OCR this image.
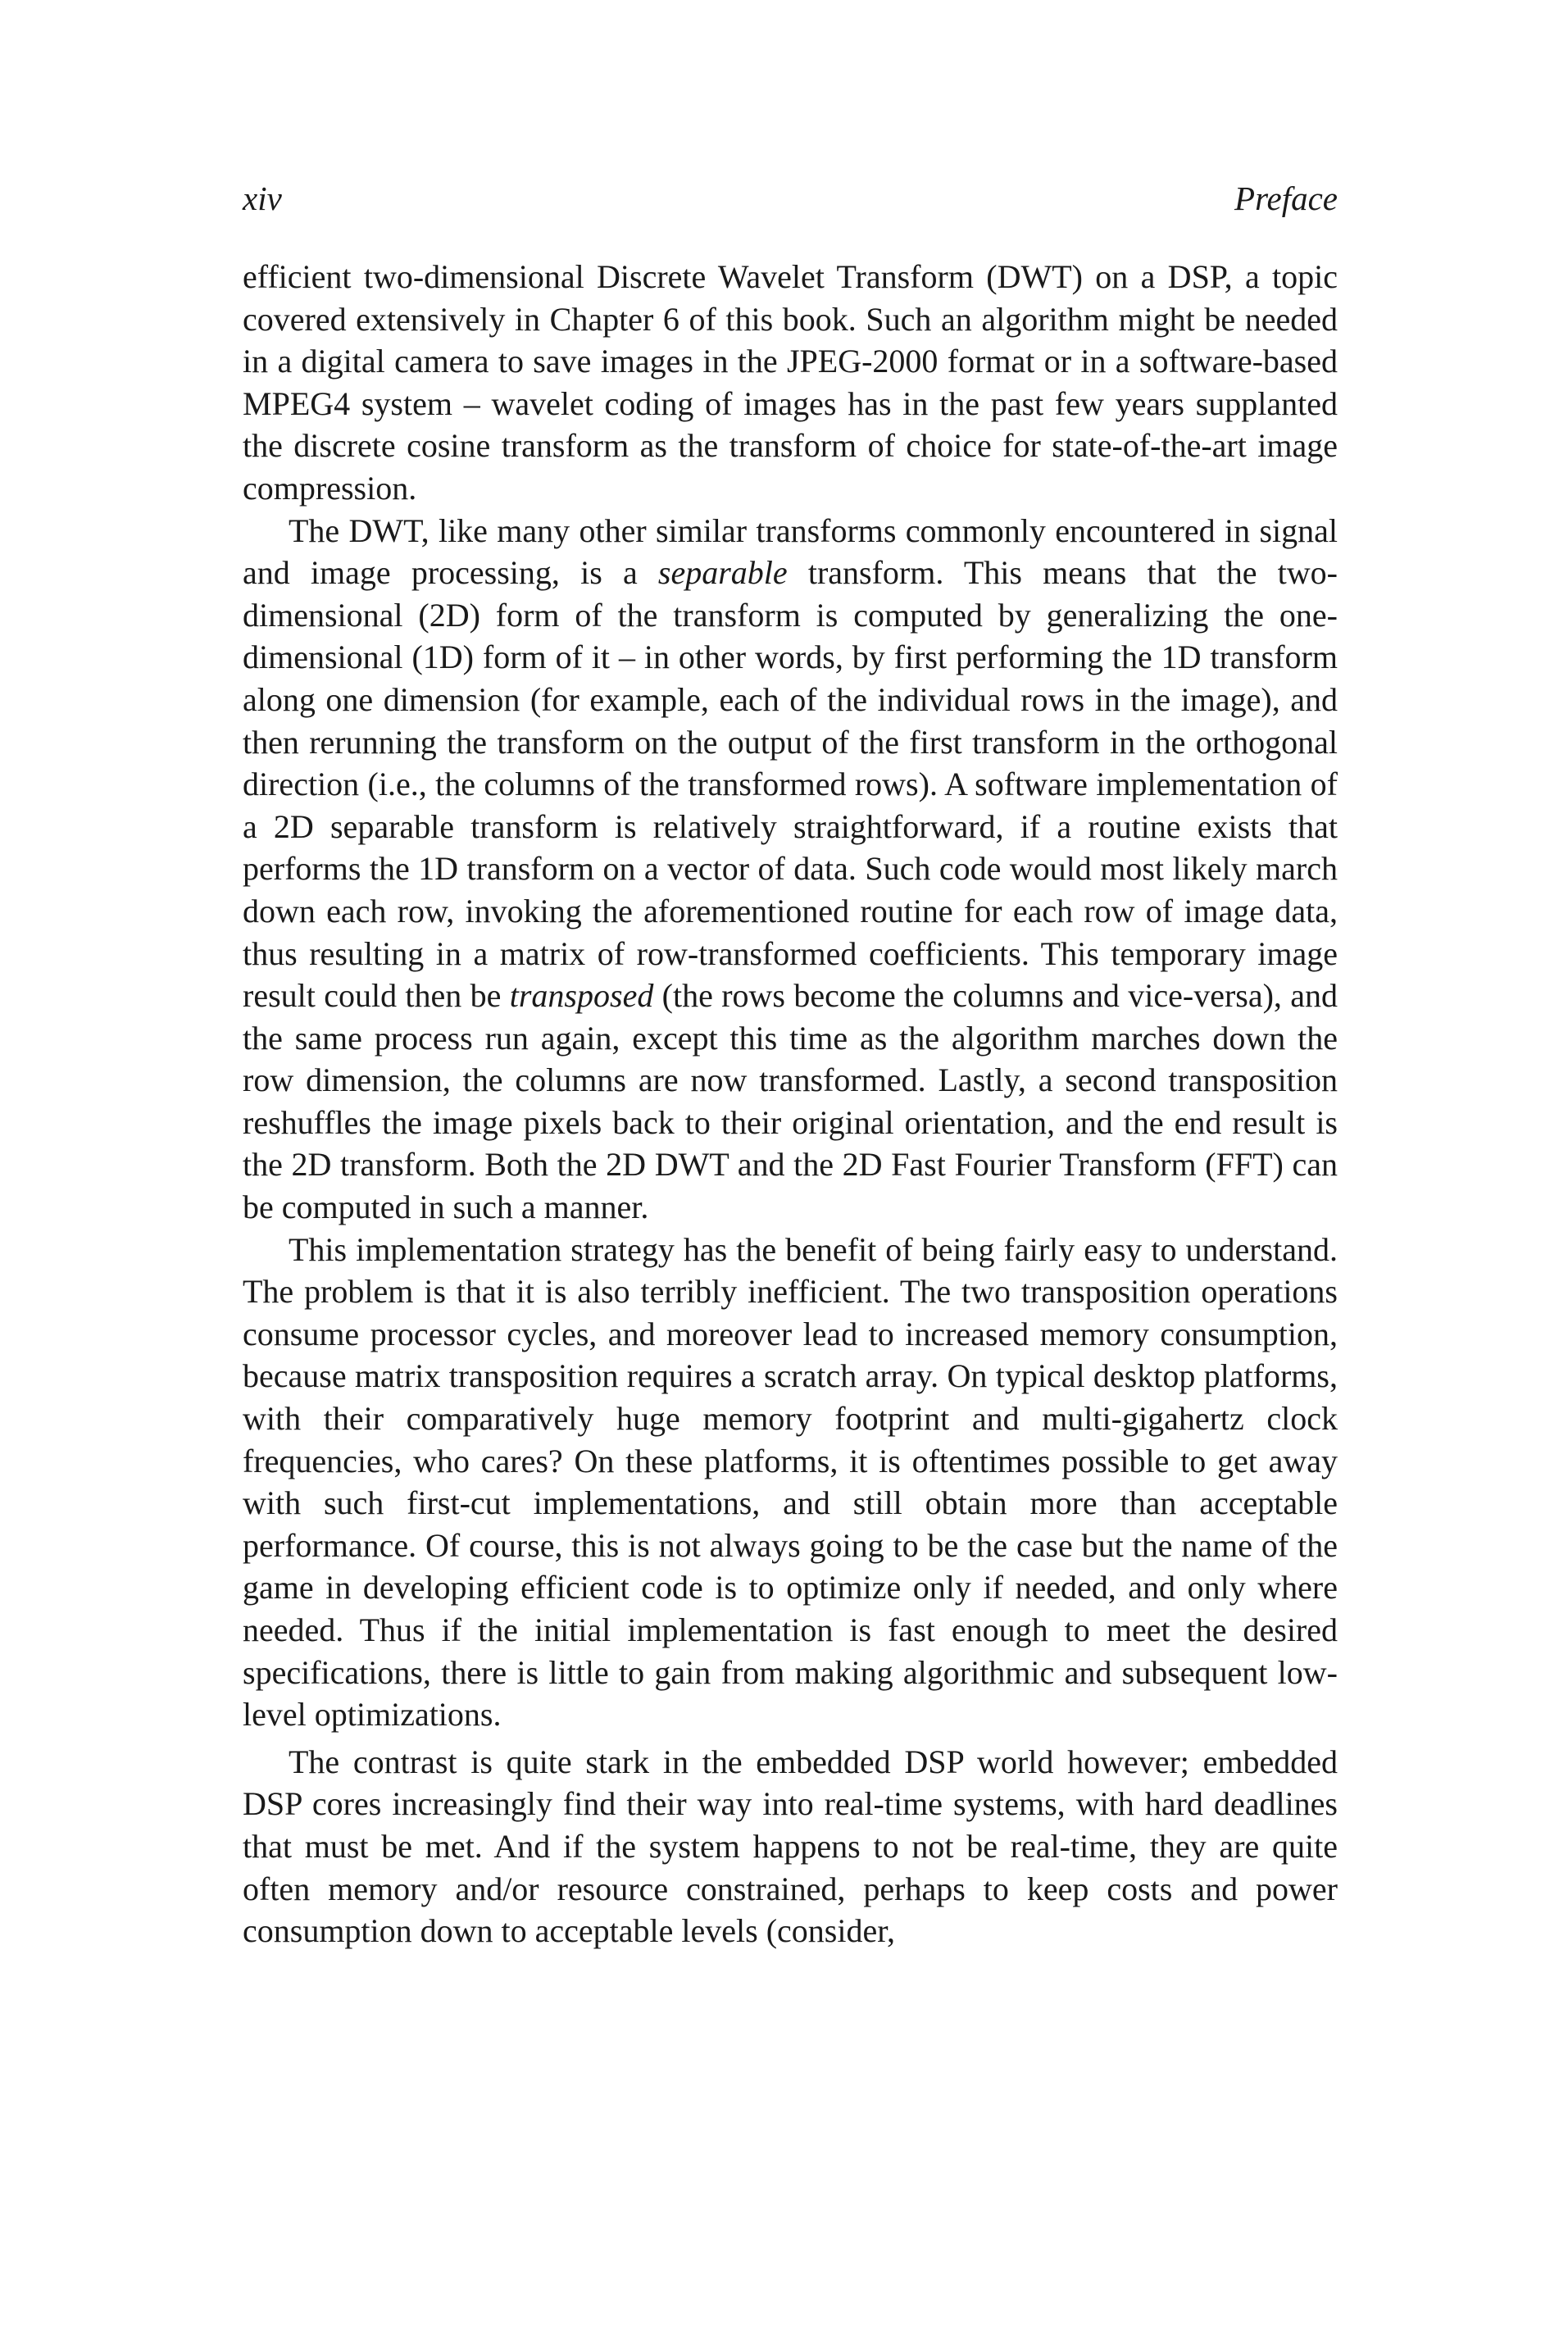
xiv	Preface

efficient two-dimensional Discrete Wavelet Transform (DWT) on a DSP, a topic covered extensively in Chapter 6 of this book. Such an algorithm might be needed in a digital camera to save images in the JPEG-2000 format or in a software-based MPEG4 system – wavelet coding of images has in the past few years supplanted the discrete cosine transform as the transform of choice for state-of-the-art image compression.

The DWT, like many other similar transforms commonly encountered in signal and image processing, is a separable transform. This means that the two-dimensional (2D) form of the transform is computed by generalizing the one-dimensional (1D) form of it – in other words, by first performing the 1D transform along one dimension (for example, each of the individual rows in the image), and then rerunning the transform on the output of the first transform in the orthogonal direction (i.e., the columns of the transformed rows). A software implementation of a 2D separable transform is relatively straightforward, if a routine exists that performs the 1D transform on a vector of data. Such code would most likely march down each row, invoking the aforementioned routine for each row of image data, thus resulting in a matrix of row-transformed coefficients. This temporary image result could then be transposed (the rows become the columns and vice-versa), and the same process run again, except this time as the algorithm marches down the row dimension, the columns are now transformed. Lastly, a second transposition reshuffles the image pixels back to their original orientation, and the end result is the 2D transform. Both the 2D DWT and the 2D Fast Fourier Transform (FFT) can be computed in such a manner.

This implementation strategy has the benefit of being fairly easy to understand. The problem is that it is also terribly inefficient. The two transposition operations consume processor cycles, and moreover lead to increased memory consumption, because matrix transposition requires a scratch array. On typical desktop platforms, with their comparatively huge memory footprint and multi-gigahertz clock frequencies, who cares? On these platforms, it is oftentimes possible to get away with such first-cut implementations, and still obtain more than acceptable performance. Of course, this is not always going to be the case but the name of the game in developing efficient code is to optimize only if needed, and only where needed. Thus if the initial implementation is fast enough to meet the desired specifications, there is little to gain from making algorithmic and subsequent low-level optimizations.

The contrast is quite stark in the embedded DSP world however; embedded DSP cores increasingly find their way into real-time systems, with hard deadlines that must be met. And if the system happens to not be real-time, they are quite often memory and/or resource constrained, perhaps to keep costs and power consumption down to acceptable levels (consider,
